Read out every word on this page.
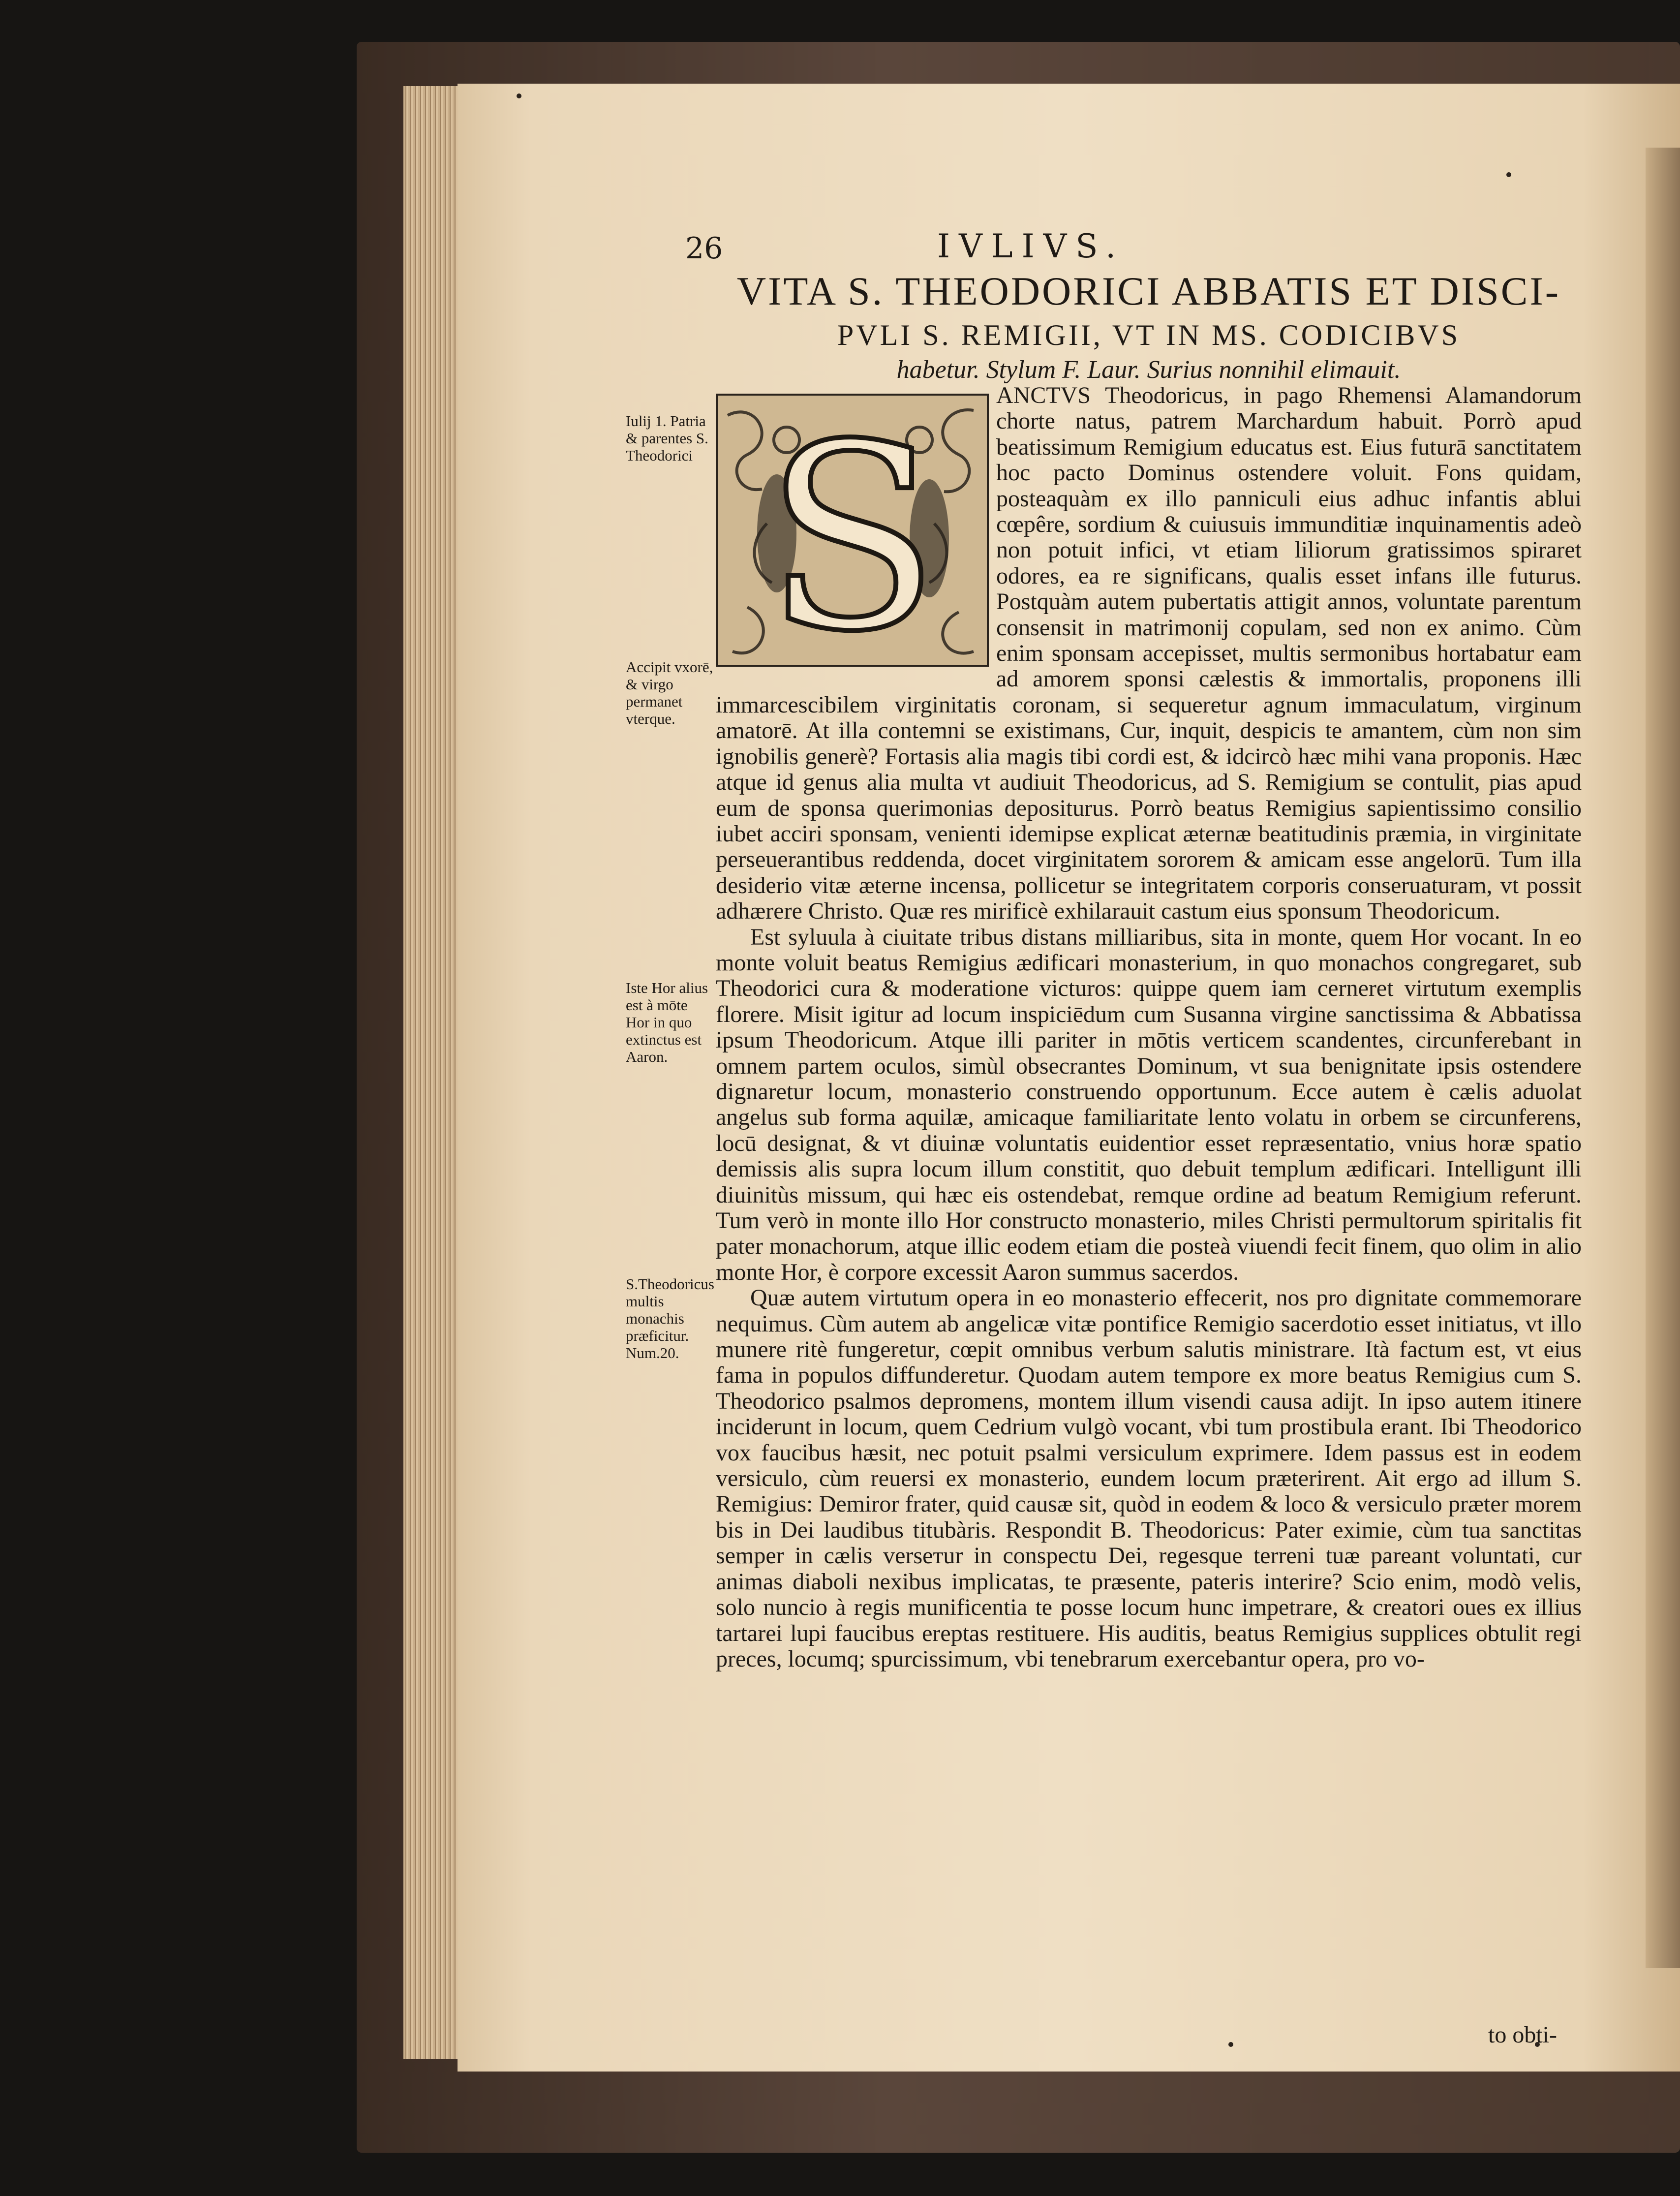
26	IVLIVS.
VITA S. THEODORICI ABBATIS ET DISCI-
PVLI S. REMIGII, VT IN MS. CODICIBVS
habetur. Stylum F. Laur. Surius nonnihil elimauit.
S
Iulij 1. Patria & parentes S. Theodorici
Accipit vxorē, & virgo permanet vterque.
Iste Hor alius est à mōte Hor in quo extinctus est Aaron.
S.Theodoricus multis monachis præficitur. Num.20.

ANCTVS Theodoricus, in pago Rhemensi Alamandorum chorte natus, patrem Marchardum habuit. Porrò apud beatissimum Remigium educatus est. Eius futurā sanctitatem hoc pacto Dominus ostendere voluit. Fons quidam, posteaquàm ex illo panniculi eius adhuc infantis ablui cœpêre, sordium & cuiusuis immunditiæ inquinamentis adeò non potuit infici, vt etiam liliorum gratissimos spiraret odores, ea re significans, qualis esset infans ille futurus. Postquàm autem pubertatis attigit annos, voluntate parentum consensit in matrimonij copulam, sed non ex animo. Cùm enim sponsam accepisset, multis sermonibus hortabatur eam ad amorem sponsi cælestis & immortalis, proponens illi immarcescibilem virginitatis coronam, si sequeretur agnum immaculatum, virginum amatorē. At illa contemni se existimans, Cur, inquit, despicis te amantem, cùm non sim ignobilis generè? Fortasis alia magis tibi cordi est, & idcircò hæc mihi vana proponis. Hæc atque id genus alia multa vt audiuit Theodoricus, ad S. Remigium se contulit, pias apud eum de sponsa querimonias depositurus. Porrò beatus Remigius sapientissimo consilio iubet acciri sponsam, venienti idemipse explicat æternæ beatitudinis præmia, in virginitate perseuerantibus reddenda, docet virginitatem sororem & amicam esse angelorū. Tum illa desiderio vitæ æterne incensa, pollicetur se integritatem corporis conseruaturam, vt possit adhærere Christo. Quæ res mirificè exhilarauit castum eius sponsum Theodoricum.

Est syluula à ciuitate tribus distans milliaribus, sita in monte, quem Hor vocant. In eo monte voluit beatus Remigius ædificari monasterium, in quo monachos congregaret, sub Theodorici cura & moderatione victuros: quippe quem iam cerneret virtutum exemplis florere. Misit igitur ad locum inspiciēdum cum Susanna virgine sanctissima & Abbatissa ipsum Theodoricum. Atque illi pariter in mōtis verticem scandentes, circunferebant in omnem partem oculos, simùl obsecrantes Dominum, vt sua benignitate ipsis ostendere dignaretur locum, monasterio construendo opportunum. Ecce autem è cælis aduolat angelus sub forma aquilæ, amicaque familiaritate lento volatu in orbem se circunferens, locū designat, & vt diuinæ voluntatis euidentior esset repræsentatio, vnius horæ spatio demissis alis supra locum illum constitit, quo debuit templum ædificari. Intelligunt illi diuinitùs missum, qui hæc eis ostendebat, remque ordine ad beatum Remigium referunt. Tum verò in monte illo Hor constructo monasterio, miles Christi permultorum spiritalis fit pater monachorum, atque illic eodem etiam die posteà viuendi fecit finem, quo olim in alio monte Hor, è corpore excessit Aaron summus sacerdos.

Quæ autem virtutum opera in eo monasterio effecerit, nos pro dignitate commemorare nequimus. Cùm autem ab angelicæ vitæ pontifice Remigio sacerdotio esset initiatus, vt illo munere ritè fungeretur, cœpit omnibus verbum salutis ministrare. Ità factum est, vt eius fama in populos diffunderetur. Quodam autem tempore ex more beatus Remigius cum S. Theodorico psalmos depromens, montem illum visendi causa adijt. In ipso autem itinere inciderunt in locum, quem Cedrium vulgò vocant, vbi tum prostibula erant. Ibi Theodorico vox faucibus hæsit, nec potuit psalmi versiculum exprimere. Idem passus est in eodem versiculo, cùm reuersi ex monasterio, eundem locum præterirent. Ait ergo ad illum S. Remigius: Demiror frater, quid causæ sit, quòd in eodem & loco & versiculo præter morem bis in Dei laudibus titubàris. Respondit B. Theodoricus: Pater eximie, cùm tua sanctitas semper in cælis verseтur in conspectu Dei, regesque terreni tuæ pareant voluntati, cur animas diaboli nexibus implicatas, te præsente, pateris interire? Scio enim, modò velis, solo nuncio à regis munificentia te posse locum hunc impetrare, & creatori oues ex illius tartarei lupi faucibus ereptas restituere. His auditis, beatus Remigius supplices obtulit regi preces, locumq; spurcissimum, vbi tenebrarum exercebantur opera, pro vo-

to obti-
